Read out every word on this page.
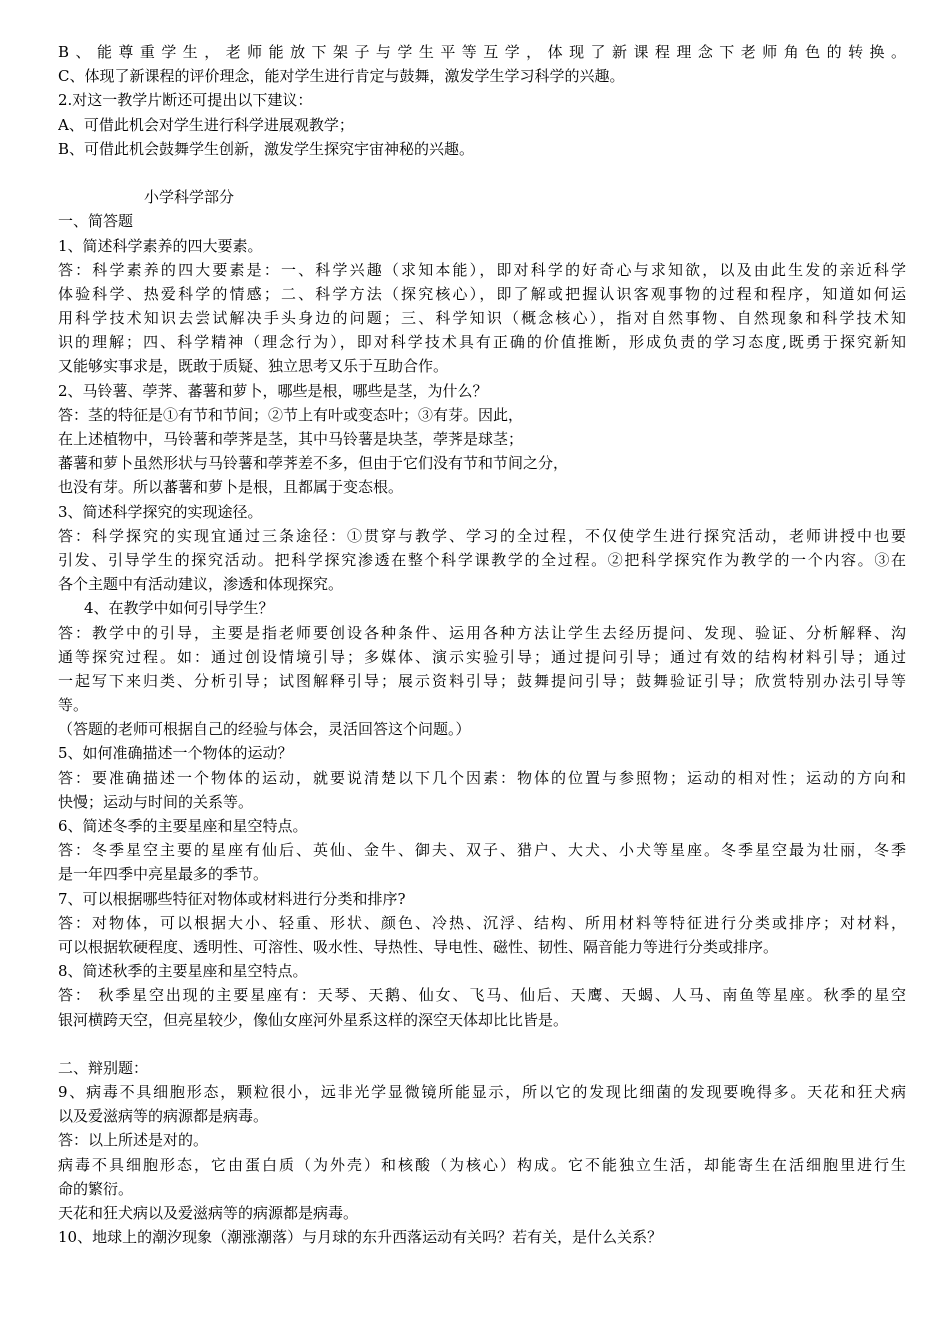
B、能尊重学生，老师能放下架子与学生平等互学，体现了新课程理念下老师角色的转换。
C、体现了新课程的评价理念，能对学生进行肯定与鼓舞，激发学生学习科学的兴趣。
2.对这一教学片断还可提出以下建议：
A、可借此机会对学生进行科学进展观教学；
B、可借此机会鼓舞学生创新，激发学生探究宇宙神秘的兴趣。
小学科学部分
一、简答题
1、简述科学素养的四大要素。
答：科学素养的四大要素是：一、科学兴趣（求知本能），即对科学的好奇心与求知欲，以及由此生发的亲近科学
体验科学、热爱科学的情感；二、科学方法（探究核心），即了解或把握认识客观事物的过程和程序，知道如何运
用科学技术知识去尝试解决手头身边的问题；三、科学知识（概念核心），指对自然事物、自然现象和科学技术知
识的理解；四、科学精神（理念行为），即对科学技术具有正确的价值推断，形成负责的学习态度,既勇于探究新知
又能够实事求是，既敢于质疑、独立思考又乐于互助合作。
2、马铃薯、荸荠、蕃薯和萝卜，哪些是根，哪些是茎，为什么？
答：茎的特征是①有节和节间；②节上有叶或变态叶；③有芽。因此，
在上述植物中，马铃薯和荸荠是茎，其中马铃薯是块茎，荸荠是球茎；
蕃薯和萝卜虽然形状与马铃薯和荸荠差不多，但由于它们没有节和节间之分，
也没有芽。所以蕃薯和萝卜是根，且都属于变态根。
3、简述科学探究的实现途径。
答：科学探究的实现宜通过三条途径：①贯穿与教学、学习的全过程，不仅使学生进行探究活动，老师讲授中也要
引发、引导学生的探究活动。把科学探究渗透在整个科学课教学的全过程。②把科学探究作为教学的一个内容。③在
各个主题中有活动建议，渗透和体现探究。
4、在教学中如何引导学生？
答：教学中的引导，主要是指老师要创设各种条件、运用各种方法让学生去经历提问、发现、验证、分析解释、沟
通等探究过程。如：通过创设情境引导；多媒体、演示实验引导；通过提问引导；通过有效的结构材料引导；通过
一起写下来归类、分析引导；试图解释引导；展示资料引导；鼓舞提问引导；鼓舞验证引导；欣赏特别办法引导等
等。
（答题的老师可根据自己的经验与体会，灵活回答这个问题。）
5、如何准确描述一个物体的运动？
答：要准确描述一个物体的运动，就要说清楚以下几个因素：物体的位置与参照物；运动的相对性；运动的方向和
快慢；运动与时间的关系等。
6、简述冬季的主要星座和星空特点。
答：冬季星空主要的星座有仙后、英仙、金牛、御夫、双子、猎户、大犬、小犬等星座。冬季星空最为壮丽，冬季
是一年四季中亮星最多的季节。
7、可以根据哪些特征对物体或材料进行分类和排序?
答：对物体，可以根据大小、轻重、形状、颜色、冷热、沉浮、结构、所用材料等特征进行分类或排序；对材料，
可以根据软硬程度、透明性、可溶性、吸水性、导热性、导电性、磁性、韧性、隔音能力等进行分类或排序。
8、简述秋季的主要星座和星空特点。
答： 秋季星空出现的主要星座有：天琴、天鹅、仙女、飞马、仙后、天鹰、天蝎、人马、南鱼等星座。秋季的星空
银河横跨天空，但亮星较少，像仙女座河外星系这样的深空天体却比比皆是。
二、辩别题：
9、病毒不具细胞形态，颗粒很小，远非光学显微镜所能显示，所以它的发现比细菌的发现要晚得多。天花和狂犬病
以及爱滋病等的病源都是病毒。
答：以上所述是对的。
病毒不具细胞形态，它由蛋白质（为外壳）和核酸（为核心）构成。它不能独立生活，却能寄生在活细胞里进行生
命的繁衍。
天花和狂犬病以及爱滋病等的病源都是病毒。
10、地球上的潮汐现象（潮涨潮落）与月球的东升西落运动有关吗？若有关，是什么关系？
